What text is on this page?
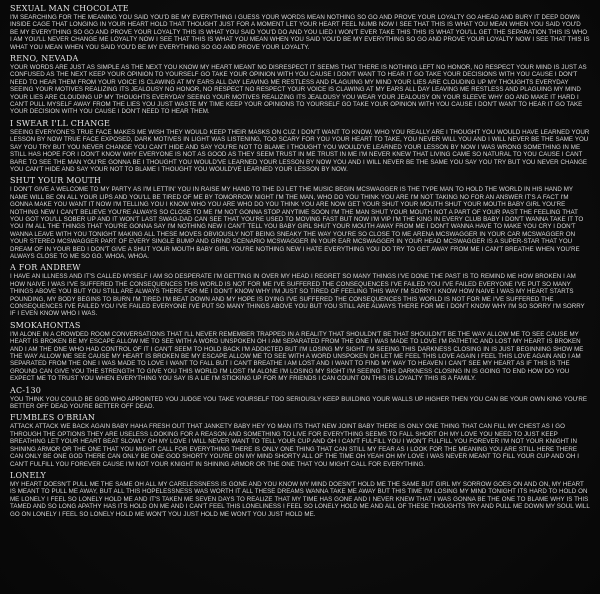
SEXUAL MAN CHOCOLATE

I'M SEARCHING FOR THE MEANING YOU SAID YOU'D BE MY EVERYTHING I GUESS YOUR WORDS MEAN NOTHING SO GO AND PROVE YOUR LOYALTY GO AHEAD AND BURY IT DEEP DOWN INSIDE CAGE THAT LONGING IN YOUR HEART HOLD THAT THOUGHT JUST FOR A MOMENT LET YOUR HEART FEEL NUMB NOW I SEE THAT THIS IS WHAT YOU MEAN WHEN YOU SAID YOU'D BE MY EVERYTHING SO GO AND PROVE YOUR LOYALTY THIS IS WHAT YOU SAID YOU'D DO AND YOU LIED I WON'T EVER TAKE THIS THIS IS WHAT YOU'LL GET THE SEPARATION THIS IS WHO I AM YOU'LL NEVER CHANGE ME LOYALTY NOW I SEE THAT THIS IS WHAT YOU MEAN WHEN YOU SAID YOU'D BE MY EVERYTHING SO GO AND PROVE YOUR LOYALTY NOW I SEE THAT THIS IS WHAT YOU MEAN WHEN YOU SAID YOU'D BE MY EVERYTHING SO GO AND PROVE YOUR LOYALTY.

RENO, NEVADA

YOUR WORDS ARE JUST AS SIMPLE AS THE NEXT YOU KNOW MY HEART MEANT NO DISRESPECT IT SEEMS THAT THERE IS NOTHING LEFT NO HONOR, NO RESPECT YOUR MIND IS JUST AS CONFUSED AS THE NEXT KEEP YOUR OPINION TO YOURSELF GO TAKE YOUR OPINION WITH YOU CAUSE I DON'T WANT TO HEAR IT GO TAKE YOUR DECISIONS WITH YOU CAUSE I DON'T NEED TO HEAR THEM FROM YOUR VOICE IS CLAWING AT MY EARS ALL DAY LEAVING ME RESTLESS AND PLAGUING MY MIND YOUR LIES ARE CLOUDING UP MY THOUGHTS EVERYDAY SEEING YOUR MOTIVES REALIZING ITS JEALOUSY NO HONOR, NO RESPECT NO RESPECT YOUR VOICE IS CLAWING AT MY EARS ALL DAY LEAVING ME RESTLESS AND PLAGUING MY MIND YOUR LIES ARE CLOUDING UP MY THOUGHTS EVERYDAY SEEING YOUR MOTIVES REALIZING ITS JEALOUSY YOU WEAR YOUR JEALOUSY ON YOUR SLEEVE WHY GO AND MAKE IT HARD I CAN'T PULL MYSELF AWAY FROM THE LIES YOU JUST WASTE MY TIME KEEP YOUR OPINIONS TO YOURSELF GO TAKE YOUR OPINION WITH YOU CAUSE I DON'T WANT TO HEAR IT GO TAKE YOUR DECISION WITH YOU CAUSE I DON'T NEED TO HEAR THEM.

I SWEAR I'LL CHANGE

SEEING EVERYONE'S TRUE FACE MAKES ME WISH THEY WOULD KEEP THEIR MASKS ON CUZ I DON'T WANT TO KNOW, WHO YOU REALLY ARE I THOUGHT YOU WOULD HAVE LEARNED YOUR LESSON BY NOW TRUE FACE EXPOSED, DARK MOTIVES IN LIGHT WAS LISTENING, TOO SCARY FOR YOU YOUR HEART TO TAKE, YOU NEVER WILL YOU AND I WILL NEVER BE THE SAME YOU SAY YOU TRY BUT YOU NEVER CHANGE YOU CAN'T HIDE AND SAY YOU'RE NOT TO BLAME I THOUGHT YOU WOULD'VE LEARNED YOUR LESSON BY NOW I WAS WRONG SOMETHING IN ME STILL HAS HOPE FOR I DON'T KNOW WHY EVERYONE IS NOT AS GOOD AS THEY SEEM TRUST IN ME TRUST IN ME I'M NEVER KNEW THAT LIVING CAME SO NATURAL TO YOU CAUSE I CANT BARE TO SEE THE MAN YOU'RE GONNA BE I THOUGHT YOU WOULD'VE LEARNED YOUR LESSON BY NOW YOU AND I WILL NEVER BE THE SAME YOU SAY YOU TRY BUT YOU NEVER CHANGE YOU CAN'T HIDE AND SAY YOUR NOT TO BLAME I THOUGHT YOU WOULD'VE LEARNED YOUR LESSON BY NOW.

SHUT YOUR MOUTH

I DON'T GIVE A WELCOME TO MY PARTY AS I'M LETTIN' YOU IN RAISE MY HAND TO THE DJ LET THE MUSIC BEGIN MCSWAGGER IS THE TYPE MAN TO HOLD THE WORLD IN HIS HAND MY NAME WILL BE ON ALL YOUR LIPS AND YOU'LL BE TIRED OF ME BY TOMORROW NIGHT I'M THE MAN, WHO DO YOU THINK YOU ARE I'M NOT TAKING NO FOR AN ANSWER IT'S A FACT I'M GONNA MAKE YOU WANT IT NOW I'M TELLING YOU I KNOW WHO YOU ARE WHO DO YOU THINK YOU ARE NOW GET YOUR SHUT YOUR MOUTH SHUT YOUR MOUTH BABY GIRL YOU'RE NOTHING NEW I CAN'T BELIEVE YOU'RE ALWAYS SO CLOSE TO ME I'M NOT GONNA STOP ANYTIME SOON I'M THE MAN SHUT YOUR MOUTH NOT A PART OF YOUR PAST THE FEELING THAT YOU GOT YOU'LL SOBER UP AND IT WON'T LAST SWAG-DAD CAN SEE THAT YOU'RE USED TO MOVING FAST BUT NOW I'M VIP I'M THE KING IN EVERY CLUB BABY I DON'T WANNA TAKE IT TO YOU I'M ALL THE THINGS THAT YOU'RE GONNA SAY I'M NOTHING NEW I CAN'T TELL YOU BABY GIRL SHUT YOUR MOUTH AWAY FROM ME I DON'T WANNA HAVE TO MAKE YOU CRY I DON'T WANNA LEAVE WITH YOU TONIGHT MAKING ALL THESE MOVES OBVIOUSLY NOT BEING SNEAKY THE WAY YOU'RE SO CLOSE TO ME ARENA MCSWAGGER IN YOUR CAR MCSWAGGER ON YOUR STEREO MCSWAGGER PART OF EVERY SINGLE BUMP AND GRIND SCENARIO MCSWAGGER IN YOUR EAR MCSWAGGER IN YOUR HEAD MCSWAGGER IS A SUPER-STAR THAT YOU DREAM OF IN YOUR BED I DON'T GIVE A SHUT YOUR MOUTH BABY GIRL YOU'RE NOTHING NEW I HATE EVERYTHING YOU DO TRY TO GET AWAY FROM ME I CAN'T BREATHE WHEN YOU'RE ALWAYS CLOSE TO ME SO GO. WHOA, WHOA.

A FOR ANDREW

I HAVE AN ILLNESS AND IT'S CALLED MYSELF I AM SO DESPERATE I'M GETTING IN OVER MY HEAD I REGRET SO MANY THINGS I'VE DONE THE PAST IS TO REMIND ME HOW BROKEN I AM HOW NAIVE I WAS I'VE SUFFERED THE CONSEQUENCES THIS WORLD IS NOT FOR ME I'VE SUFFERED THE CONSEQUENCES I'VE FAILED YOU I'VE FAILED EVERYONE I'VE PUT SO MANY THINGS ABOVE YOU BUT YOU STILL ARE ALWAYS THERE FOR ME I DON'T KNOW WHY I'M JUST SO TIRED OF FEELING THIS WAY I'M SORRY I KNOW HOW NAIVE I WAS MY HEART STARTS POUNDING, MY BODY BEGINS TO BURN I'M TIRED I'M BEAT DOWN AND MY HOPE IS DYING I'VE SUFFERED THE CONSEQUENCES THIS WORLD IS NOT FOR ME I'VE SUFFERED THE CONSEQUENCES I'VE FAILED YOU I'VE FAILED EVERYONE I'VE PUT SO MANY THINGS ABOVE YOU BUT YOU STILL ARE ALWAYS THERE FOR ME I DON'T KNOW WHY I'M SO SORRY I'M SORRY IF I EVEN KNOW WHO I WAS.

SMOKAHONTAS

I'M ALONE IN A CROWDED ROOM CONVERSATIONS THAT I'LL NEVER REMEMBER TRAPPED IN A REALITY THAT SHOULDN'T BE THAT SHOULDN'T BE THE WAY ALLOW ME TO SEE CAUSE MY HEART IS BROKEN BE MY ESCAPE ALLOW ME TO SEE WITH A WORD UNSPOKEN OH I AM SEPARATED FROM THE ONE I WAS MADE TO LOVE I'M PATHETIC AND LOST MY HEART IS BROKEN AND I AM THE ONE WHO HAD CONTROL OF IT I CAN'T SEEM TO HOLD BACK I'M ADDICTED BUT I'M LOSING MY SIGHT I'M SEEING THIS DARKNESS CLOSING IN IS JUST BEGINNING SHOW ME THE WAY ALLOW ME SEE CAUSE MY HEART IS BROKEN BE MY ESCAPE ALLOW ME TO SEE WITH A WORD UNSPOKEN OH LET ME FEEL THIS LOVE AGAIN I FEEL THIS LOVE AGAIN AND I AM SEPARATED FROM THE ONE I WAS MADE TO LOVE I WANT TO FALL BUT I CAN'T BREATHE I AM LOST AND I WANT TO FIND MY WAY TO HEAVEN I CAN'T SEE MY HEART AS IF THIS IS THE GROUND CAN GIVE YOU THE STRENGTH TO GIVE YOU THIS WORLD I'M LOST I'M ALONE I'M LOSING MY SIGHT I'M SEEING THIS DARKNESS CLOSING IN IS GOING TO END HOW DO YOU EXPECT ME TO TRUST YOU WHEN EVERYTHING YOU SAY IS A LIE I'M STICKING UP FOR MY FRIENDS I CAN COUNT ON THIS IS LOYALTY THIS IS A FAMILY.

AC-130

YOU THINK YOU COULD BE GOD WHO APPOINTED YOU JUDGE YOU TAKE YOURSELF TOO SERIOUSLY KEEP BUILDING YOUR WALLS UP HIGHER THEN YOU CAN BE YOUR OWN KING YOU'RE BETTER OFF DEAD YOU'RE BETTER OFF DEAD.

FUMBLES O'BRIAN

ATTACK ATTACK WE BACK AGAIN BABY HAHA FRESH OUT THAT JANKETY BABY HEY YO MAN ITS THAT NEW JOINT BABY THERE IS ONLY ONE THING THAT CAN FILL MY CHEST AS I GO THROUGH THE OPTIONS THEY ARE USELESS LOOKING FOR A REASON AND SOMETHING TO LIVE FOR EVERYTHING SEEMS TO FALL SHORT OH MY LOVE YOU NEED TO JUST KEEP BREATHING LET YOUR HEART BEAT SLOWLY OH MY LOVE I WILL NEVER WANT TO TELL YOUR CUP AND OH I CAN'T FULFILL YOU I WON'T FULFILL YOU FOREVER I'M NOT YOUR KNIGHT IN SHINING ARMOR OR THE ONE THAT YOU MIGHT CALL FOR EVERYTHING THERE IS ONLY ONE THING THAT CAN STILL MY FEAR AS I LOOK FOR THE MEANING YOU ARE STILL HERE THERE CAN ONLY BE ONE GOD THERE CAN ONLY BE ONE GOD SHORTY YOU'RE ON MY MIND SHORTY ALL OF THE TIME OH YEAH OH MY LOVE I WAS NEVER MEANT TO FILL YOUR CUP AND OH I CAN'T FULFILL YOU FOREVER CAUSE I'M NOT YOUR KNIGHT IN SHINING ARMOR OR THE ONE THAT YOU MIGHT CALL FOR EVERYTHING.

LONELY

MY HEART DOESN'T PULL ME THE SAME OH ALL MY CARELESSNESS IS GONE AND YOU KNOW MY MIND DOESN'T HOLD ME THE SAME BUT GIRL MY SORROW GOES ON AND ON, MY HEART IS MEANT TO PULL ME AWAY, BUT ALL THIS HOPELESSNESS WAS WORTH IT ALL THESE DREAMS WANNA TAKE ME AWAY BUT THIS TIME I'M LOSING MY MIND TONIGHT ITS HARD TO HOLD ON ME LONELY I FEEL SO LONELY HOLD ME AND IT'S TAKEN ME SEVEN DAYS TO REALIZE THAT MY TIME HAS GONE AND I NEVER KNEW THAT I WAS GONNA BE THE ONE TO BLAME WHY IS THIS TAMED AND SO LONG APATHY HAS ITS HOLD ON ME AND I CAN'T FEEL THIS LONELINESS I FEEL SO LONELY HOLD ME AND ALL OF THESE THOUGHTS TRY AND PULL ME DOWN MY SOUL WILL GO ON LONELY I FEEL SO LONELY HOLD ME WON'T YOU JUST HOLD ME WON'T YOU JUST HOLD ME.
